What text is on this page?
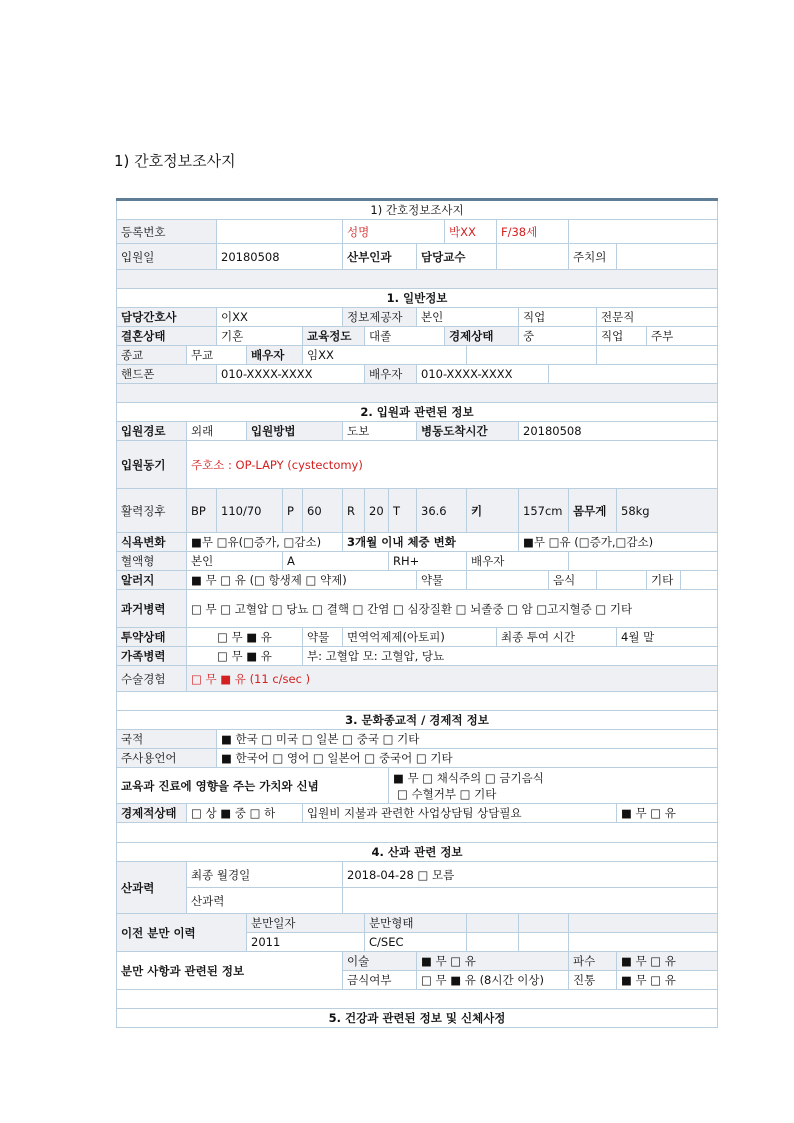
1) 간호정보조사지
1) 간호정보조사지																			
등록번호						성명				박XX		F/38세							
입원일		20180508				산부인과			담당교수						주치의				

1. 일반정보																			
담당간호사		이XX				정보제공자			본인				직업			전문직			
결혼상태		기혼			교육정도		대졸			경제상태			중			직업		주부	
종교	무교		배우자		임XX														
핸드폰		010-XXXX-XXXX					배우자		010-XXXX-XXXX										

2. 입원과 관련된 정보																			
입원경로	외래		입원방법			도보			병동도착시간				20180508						
입원동기	주호소 : OP-LAPY (cystectomy)																		
활력징후	BP	110/70		P	60	R	20	T	36.6		키		157cm		몸무게		58kg		
식욕변화	■무 □유(□증가, □감소)					3개월 이내 체중 변화							■무 □유 (□증가,□감소)						
혈액형	본인			A				RH+			배우자								
알러지	■ 무 □ 유 (□ 항생제 □ 약제)								약물					음식				기타	
과거병력	□ 무 □ 고혈압 □ 당뇨 □ 결핵 □ 간염 □ 심장질환 □ 뇌졸중 □ 암 □고지혈증 □ 기타																		
투약상태	□ 무 ■ 유				약물	면역억제제(아토피)						최종 투여 시간					4월 말		
가족병력	□ 무 ■ 유				부: 고혈압 모: 고혈압, 당뇨														
수술경험	□ 무 ■ 유 (11 c/sec )																		

3. 문화종교적 / 경제적 정보																			
국적		■ 한국 □ 미국 □ 일본 □ 중국 □ 기타																	
주사용언어		■ 한국어 □ 영어 □ 일본어 □ 중국어 □ 기타																	
교육과 진료에 영향을 주는 가치와 신념								■ 무 □ 채식주의 □ 금기음식
□ 수혈거부 □ 기타											

경제적상태	□ 상 ■ 중 □ 하				입원비 지불과 관련한 사업상담팀 상담필요												■ 무 □ 유		

4. 산과 관련 정보																			
산과력	최종 월경일					2018-04-28 □ 모름													
	산과력																		
이전 분만 이력			분만일자				분만형태												
			2011				C/SEC												
분만 사항과 관련된 정보						이술			■ 무 □ 유						파수		■ 무 □ 유		
						금식여부			□ 무 ■ 유 (8시간 이상)						진통		■ 무 □ 유		

5. 건강과 관련된 정보 및 신체사정																			
